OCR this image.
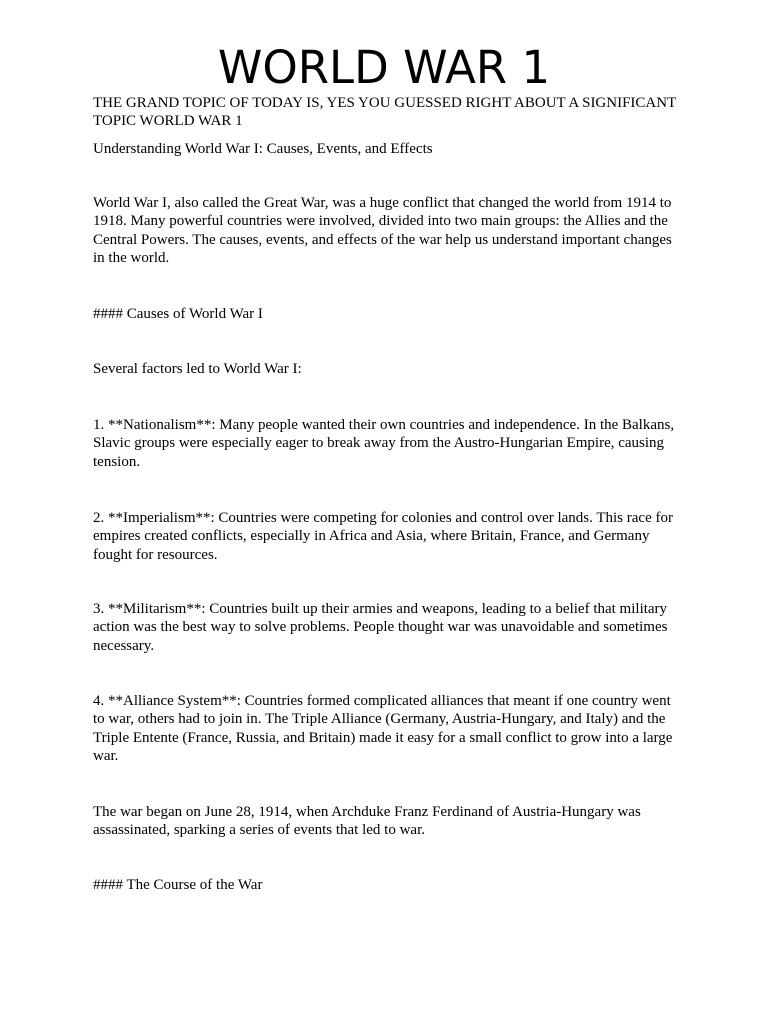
WORLD WAR 1

THE GRAND TOPIC OF TODAY IS, YES YOU GUESSED RIGHT ABOUT A SIGNIFICANT TOPIC WORLD WAR 1

Understanding World War I: Causes, Events, and Effects

World War I, also called the Great War, was a huge conflict that changed the world from 1914 to 1918. Many powerful countries were involved, divided into two main groups: the Allies and the Central Powers. The causes, events, and effects of the war help us understand important changes in the world.

#### Causes of World War I

Several factors led to World War I:

1. **Nationalism**: Many people wanted their own countries and independence. In the Balkans, Slavic groups were especially eager to break away from the Austro-Hungarian Empire, causing tension.

2. **Imperialism**: Countries were competing for colonies and control over lands. This race for empires created conflicts, especially in Africa and Asia, where Britain, France, and Germany fought for resources.

3. **Militarism**: Countries built up their armies and weapons, leading to a belief that military action was the best way to solve problems. People thought war was unavoidable and sometimes necessary.

4. **Alliance System**: Countries formed complicated alliances that meant if one country went to war, others had to join in. The Triple Alliance (Germany, Austria-Hungary, and Italy) and the Triple Entente (France, Russia, and Britain) made it easy for a small conflict to grow into a large war.

The war began on June 28, 1914, when Archduke Franz Ferdinand of Austria-Hungary was assassinated, sparking a series of events that led to war.

#### The Course of the War
